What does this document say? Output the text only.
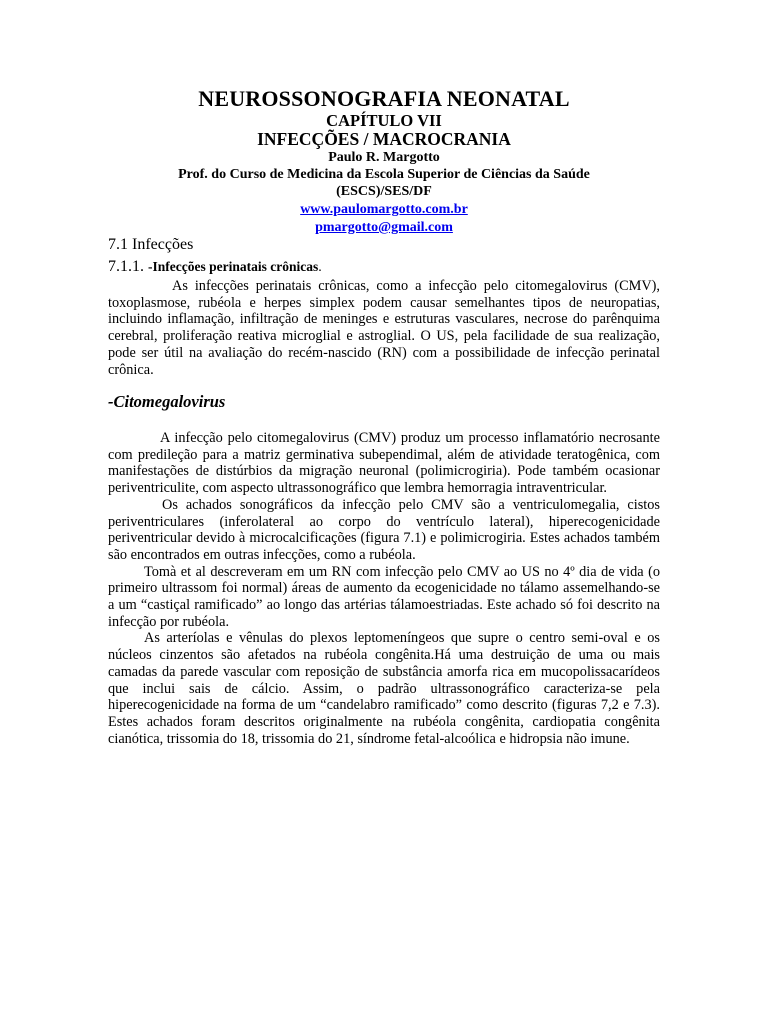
NEUROSSONOGRAFIA NEONATAL
CAPÍTULO VII
INFECÇÕES / MACROCRANIA
Paulo R. Margotto
Prof. do Curso de Medicina da Escola Superior de Ciências da Saúde
(ESCS)/SES/DF
www.paulomargotto.com.br
pmargotto@gmail.com
7.1 Infecções
7.1.1. -Infecções perinatais crônicas.

As infecções perinatais crônicas, como a infecção pelo citomegalovirus (CMV), toxoplasmose, rubéola e herpes simplex podem causar semelhantes tipos de neuropatias, incluindo inflamação, infiltração de meninges e estruturas vasculares, necrose do parênquima cerebral, proliferação reativa microglial e astroglial. O US, pela facilidade de sua realização, pode ser útil na avaliação do recém-nascido (RN) com a possibilidade de infecção perinatal crônica.

-Citomegalovirus

A infecção pelo citomegalovirus (CMV) produz um processo inflamatório necrosante com predileção para a matriz germinativa subependimal, além de atividade teratogênica, com manifestações de distúrbios da migração neuronal (polimicrogiria). Pode também ocasionar periventriculite, com aspecto ultrassonográfico que lembra hemorragia intraventricular.

Os achados sonográficos da infecção pelo CMV são a ventriculomegalia, cistos periventriculares (inferolateral ao corpo do ventrículo lateral), hiperecogenicidade periventricular devido à microcalcificações (figura 7.1) e polimicrogiria. Estes achados também são encontrados em outras infecções, como a rubéola.

Tomà et al descreveram em um RN com infecção pelo CMV ao US no 4º dia de vida (o primeiro ultrassom foi normal) áreas de aumento da ecogenicidade no tálamo assemelhando-se a um “castiçal ramificado” ao longo das artérias tálamoestriadas. Este achado só foi descrito na infecção por rubéola.

As arteríolas e vênulas do plexos leptomeníngeos que supre o centro semi-oval e os núcleos cinzentos são afetados na rubéola congênita.Há uma destruição de uma ou mais camadas da parede vascular com reposição de substância amorfa rica em mucopolissacarídeos que inclui sais de cálcio. Assim, o padrão ultrassonográfico caracteriza-se pela hiperecogenicidade na forma de um “candelabro ramificado” como descrito (figuras 7,2 e 7.3). Estes achados foram descritos originalmente na rubéola congênita, cardiopatia congênita cianótica, trissomia do 18, trissomia do 21, síndrome fetal-alcoólica e hidropsia não imune.
